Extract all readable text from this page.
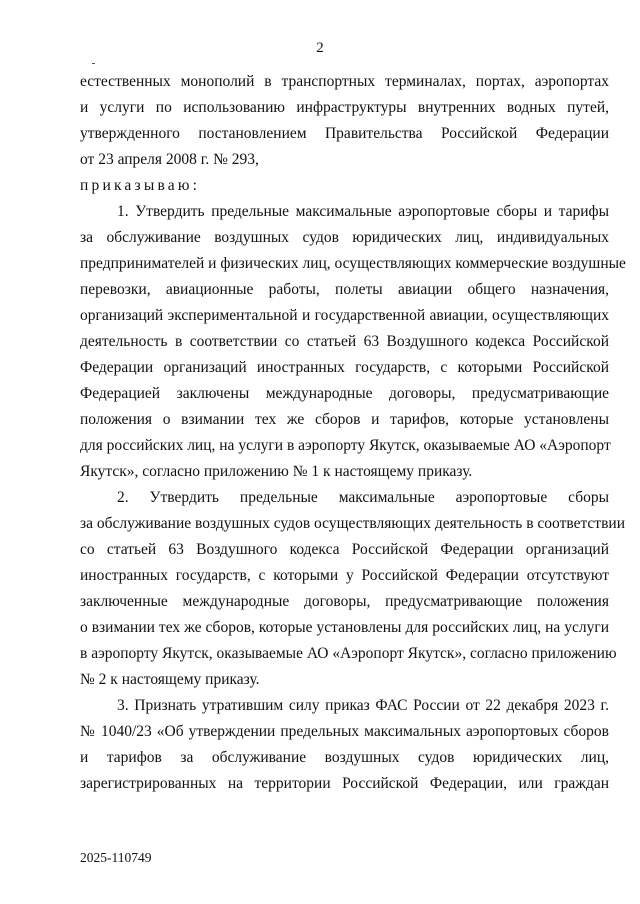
2
естественных монополий в транспортных терминалах, портах, аэропортах
и услуги по использованию инфраструктуры внутренних водных путей,
утвержденного постановлением Правительства Российской Федерации
от 23 апреля 2008 г. № 293,
приказываю:
1. Утвердить предельные максимальные аэропортовые сборы и тарифы
за обслуживание воздушных судов юридических лиц, индивидуальных
предпринимателей и физических лиц, осуществляющих коммерческие воздушные
перевозки, авиационные работы, полеты авиации общего назначения,
организаций экспериментальной и государственной авиации, осуществляющих
деятельность в соответствии со статьей 63 Воздушного кодекса Российской
Федерации организаций иностранных государств, с которыми Российской
Федерацией заключены международные договоры, предусматривающие
положения о взимании тех же сборов и тарифов, которые установлены
для российских лиц, на услуги в аэропорту Якутск, оказываемые АО «Аэропорт
Якутск», согласно приложению № 1 к настоящему приказу.
2. Утвердить предельные максимальные аэропортовые сборы
за обслуживание воздушных судов осуществляющих деятельность в соответствии
со статьей 63 Воздушного кодекса Российской Федерации организаций
иностранных государств, с которыми у Российской Федерации отсутствуют
заключенные международные договоры, предусматривающие положения
о взимании тех же сборов, которые установлены для российских лиц, на услуги
в аэропорту Якутск, оказываемые АО «Аэропорт Якутск», согласно приложению
№ 2 к настоящему приказу.
3. Признать утратившим силу приказ ФАС России от 22 декабря 2023 г.
№ 1040/23 «Об утверждении предельных максимальных аэропортовых сборов
и тарифов за обслуживание воздушных судов юридических лиц,
зарегистрированных на территории Российской Федерации, или граждан
2025-110749
